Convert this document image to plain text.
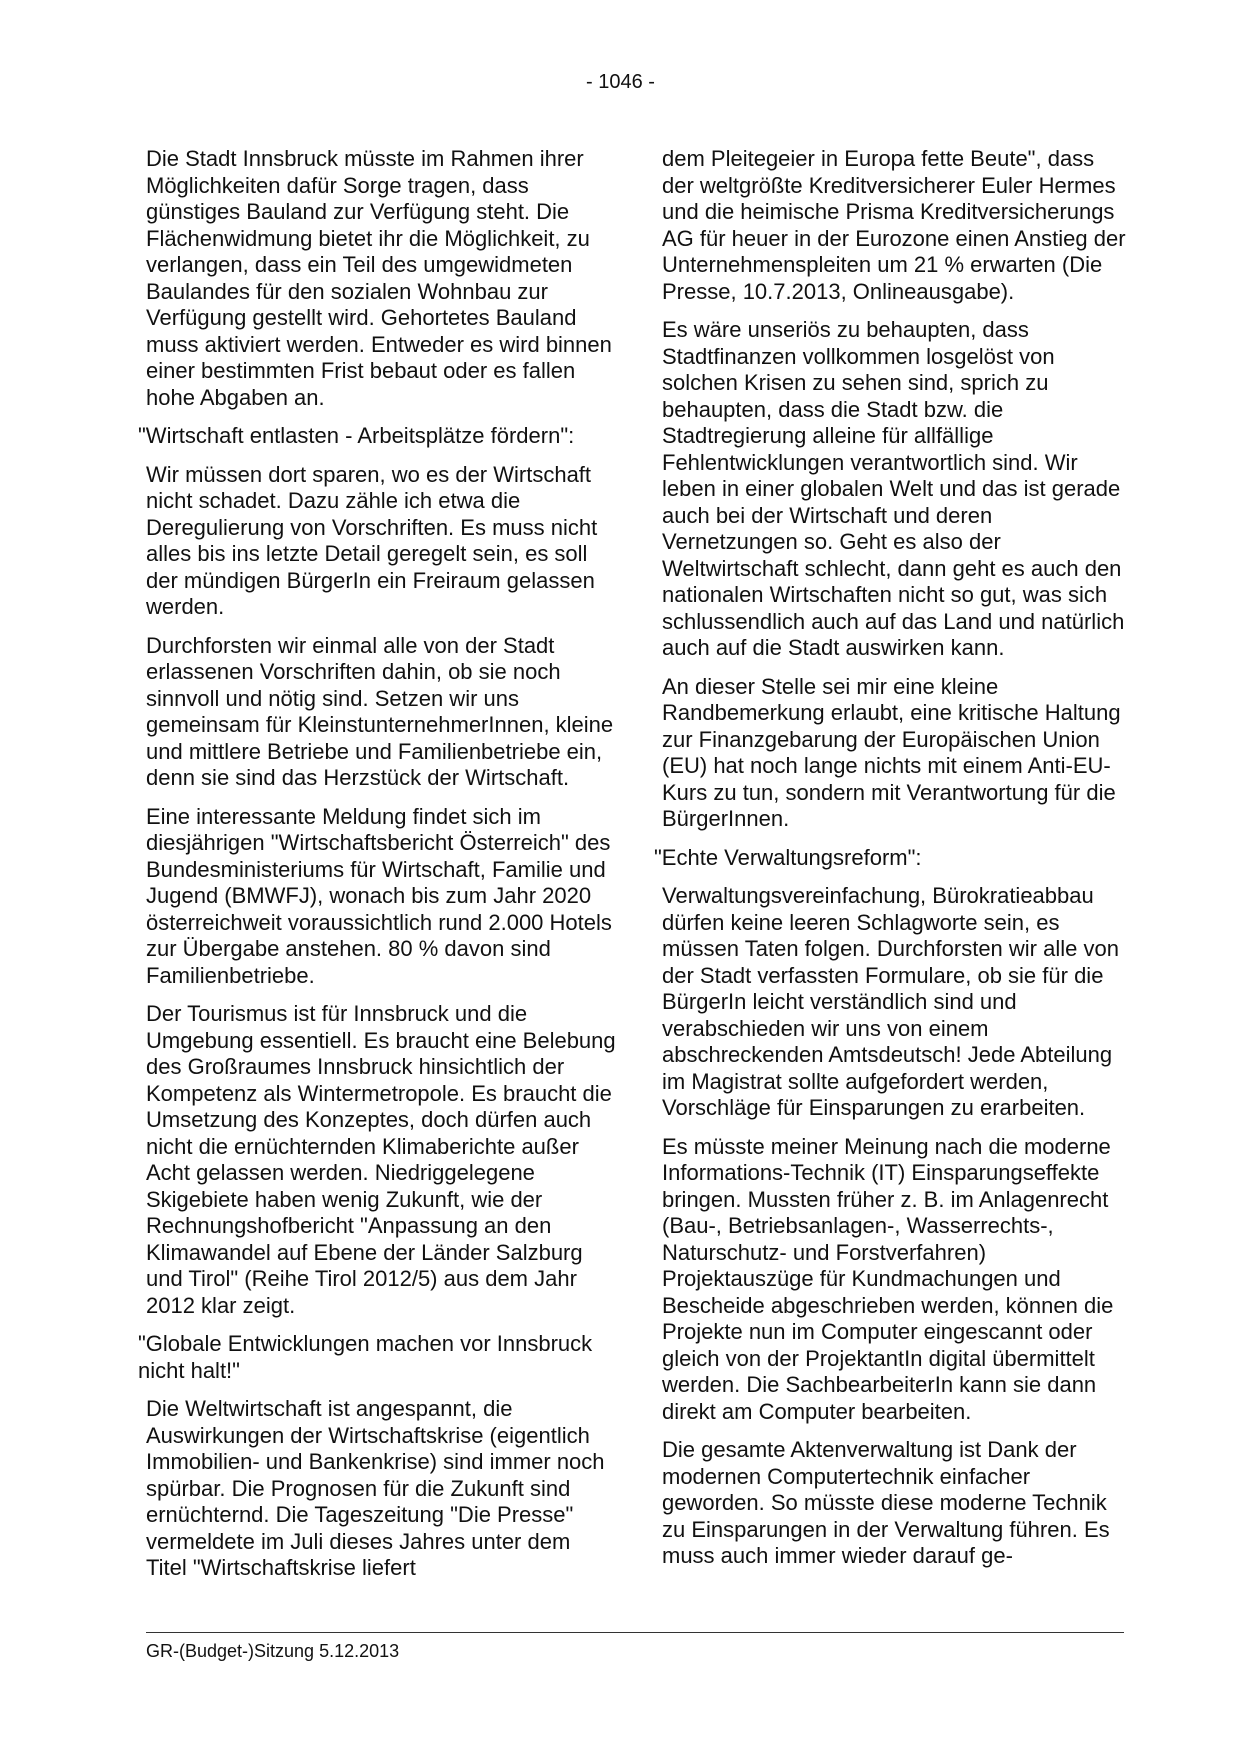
- 1046 -

Die Stadt Innsbruck müsste im Rahmen ihrer Möglichkeiten dafür Sorge tragen, dass günstiges Bauland zur Verfügung steht. Die Flächenwidmung bietet ihr die Möglichkeit, zu verlangen, dass ein Teil des umgewidmeten Baulandes für den sozialen Wohnbau zur Verfügung gestellt wird. Gehortetes Bauland muss aktiviert werden. Entweder es wird binnen einer bestimmten Frist bebaut oder es fallen hohe Abgaben an.

"Wirtschaft entlasten - Arbeitsplätze fördern":

Wir müssen dort sparen, wo es der Wirtschaft nicht schadet. Dazu zähle ich etwa die Deregulierung von Vorschriften. Es muss nicht alles bis ins letzte Detail geregelt sein, es soll der mündigen BürgerIn ein Freiraum gelassen werden.

Durchforsten wir einmal alle von der Stadt erlassenen Vorschriften dahin, ob sie noch sinnvoll und nötig sind. Setzen wir uns gemeinsam für KleinstunternehmerInnen, kleine und mittlere Betriebe und Familienbetriebe ein, denn sie sind das Herzstück der Wirtschaft.

Eine interessante Meldung findet sich im diesjährigen "Wirtschaftsbericht Österreich" des Bundesministeriums für Wirtschaft, Familie und Jugend (BMWFJ), wonach bis zum Jahr 2020 österreichweit voraussichtlich rund 2.000 Hotels zur Übergabe anstehen. 80 % davon sind Familienbetriebe.

Der Tourismus ist für Innsbruck und die Umgebung essentiell. Es braucht eine Belebung des Großraumes Innsbruck hinsichtlich der Kompetenz als Wintermetropole. Es braucht die Umsetzung des Konzeptes, doch dürfen auch nicht die ernüchternden Klimaberichte außer Acht gelassen werden. Niedriggelegene Skigebiete haben wenig Zukunft, wie der Rechnungshofbericht "Anpassung an den Klimawandel auf Ebene der Länder Salzburg und Tirol" (Reihe Tirol 2012/5) aus dem Jahr 2012 klar zeigt.

"Globale Entwicklungen machen vor Innsbruck nicht halt!"

Die Weltwirtschaft ist angespannt, die Auswirkungen der Wirtschaftskrise (eigentlich Immobilien- und Bankenkrise) sind immer noch spürbar. Die Prognosen für die Zukunft sind ernüchternd. Die Tageszeitung "Die Presse" vermeldete im Juli dieses Jahres unter dem Titel "Wirtschaftskrise liefert

dem Pleitegeier in Europa fette Beute", dass der weltgrößte Kreditversicherer Euler Hermes und die heimische Prisma Kreditversicherungs AG für heuer in der Eurozone einen Anstieg der Unternehmenspleiten um 21 % erwarten (Die Presse, 10.7.2013, Onlineausgabe).

Es wäre unseriös zu behaupten, dass Stadtfinanzen vollkommen losgelöst von solchen Krisen zu sehen sind, sprich zu behaupten, dass die Stadt bzw. die Stadtregierung alleine für allfällige Fehlentwicklungen verantwortlich sind. Wir leben in einer globalen Welt und das ist gerade auch bei der Wirtschaft und deren Vernetzungen so. Geht es also der Weltwirtschaft schlecht, dann geht es auch den nationalen Wirtschaften nicht so gut, was sich schlussendlich auch auf das Land und natürlich auch auf die Stadt auswirken kann.

An dieser Stelle sei mir eine kleine Randbemerkung erlaubt, eine kritische Haltung zur Finanzgebarung der Europäischen Union (EU) hat noch lange nichts mit einem Anti-EU-Kurs zu tun, sondern mit Verantwortung für die BürgerInnen.

"Echte Verwaltungsreform":

Verwaltungsvereinfachung, Bürokratieabbau dürfen keine leeren Schlagworte sein, es müssen Taten folgen. Durchforsten wir alle von der Stadt verfassten Formulare, ob sie für die BürgerIn leicht verständlich sind und verabschieden wir uns von einem abschreckenden Amtsdeutsch! Jede Abteilung im Magistrat sollte aufgefordert werden, Vorschläge für Einsparungen zu erarbeiten.

Es müsste meiner Meinung nach die moderne Informations-Technik (IT) Einsparungseffekte bringen. Mussten früher z. B. im Anlagenrecht (Bau-, Betriebsanlagen-, Wasserrechts-, Naturschutz- und Forstverfahren) Projektauszüge für Kundmachungen und Bescheide abgeschrieben werden, können die Projekte nun im Computer eingescannt oder gleich von der ProjektantIn digital übermittelt werden. Die SachbearbeiterIn kann sie dann direkt am Computer bearbeiten.

Die gesamte Aktenverwaltung ist Dank der modernen Computertechnik einfacher geworden. So müsste diese moderne Technik zu Einsparungen in der Verwaltung führen. Es muss auch immer wieder darauf ge-

GR-(Budget-)Sitzung 5.12.2013
